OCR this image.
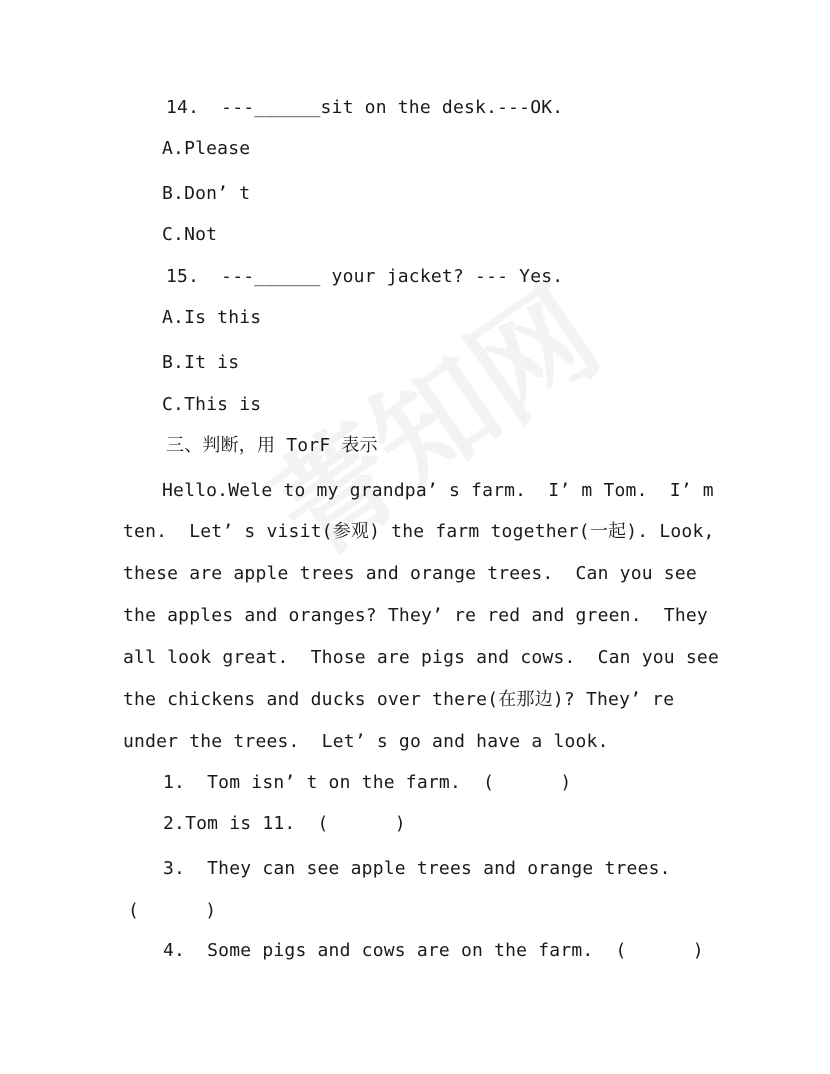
14.  ---______sit on the desk.---OK.
A.Please
B.Don’ t
C.Not
15.  ---______ your jacket? --- Yes.
A.Is this
B.It is
C.This is
三、判断，用 TorF 表示
Hello.Wele to my grandpa’ s farm.  I’ m Tom.  I’ m
ten.  Let’ s visit(参观) the farm together(一起). Look,
these are apple trees and orange trees.  Can you see
the apples and oranges? They’ re red and green.  They
all look great.  Those are pigs and cows.  Can you see
the chickens and ducks over there(在那边)? They’ re
under the trees.  Let’ s go and have a look.
1.  Tom isn’ t on the farm.  (      )
2.Tom is 11.  (      )
3.  They can see apple trees and orange trees.
(      )
4.  Some pigs and cows are on the farm.  (      )
